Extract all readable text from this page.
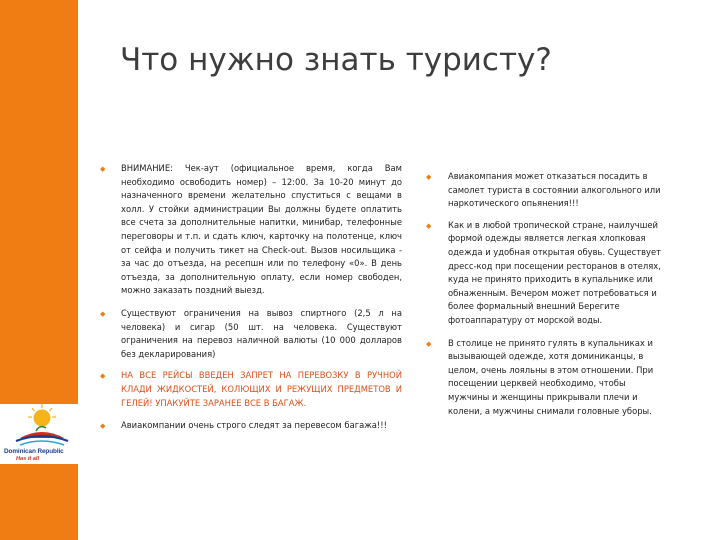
Dominican Republic
Has it all
Что нужно знать туристу?
◆ ВНИМАНИЕ: Чек-аут (официальное время, когда Вам необходимо освободить номер) – 12:00. За 10-20 минут до назначенного времени желательно спуститься с вещами в холл. У стойки администрации Вы должны будете оплатить все счета за дополнительные напитки, минибар, телефонные переговоры и т.п. и сдать ключ, карточку на полотенце, ключ от сейфа и получить тикет на Check-out. Вызов носильщика - за час до отъезда, на ресепшн или по телефону «0». В день отъезда, за дополнительную оплату, если номер свободен, можно заказать поздний выезд.
◆ Существуют ограничения на вывоз спиртного (2,5 л на человека) и сигар (50 шт. на человека. Существуют ограничения на перевоз наличной валюты (10 000 долларов без декларирования)
◆ НА ВСЕ РЕЙСЫ ВВЕДЕН ЗАПРЕТ НА ПЕРЕВОЗКУ В РУЧНОЙ КЛАДИ ЖИДКОСТЕЙ, КОЛЮЩИХ И РЕЖУЩИХ ПРЕДМЕТОВ И ГЕЛЕЙ! УПАКУЙТЕ ЗАРАНЕЕ ВСЕ В БАГАЖ.
◆ Авиакомпании очень строго следят за перевесом багажа!!!
◆ Авиакомпания может отказаться посадить в самолет туриста в состоянии алкогольного или наркотического опьянения!!!
◆ Как и в любой тропической стране, наилучшей формой одежды является легкая хлопковая одежда и удобная открытая обувь. Существует дресс-код при посещении ресторанов в отелях, куда не принято приходить в купальнике или обнаженным. Вечером может потребоваться и более формальный внешний Берегите фотоаппаратуру от морской воды.
◆ В столице не принято гулять в купальниках и вызывающей одежде, хотя доминиканцы, в целом, очень лояльны в этом отношении. При посещении церквей необходимо, чтобы мужчины и женщины прикрывали плечи и колени, а мужчины снимали головные уборы.
